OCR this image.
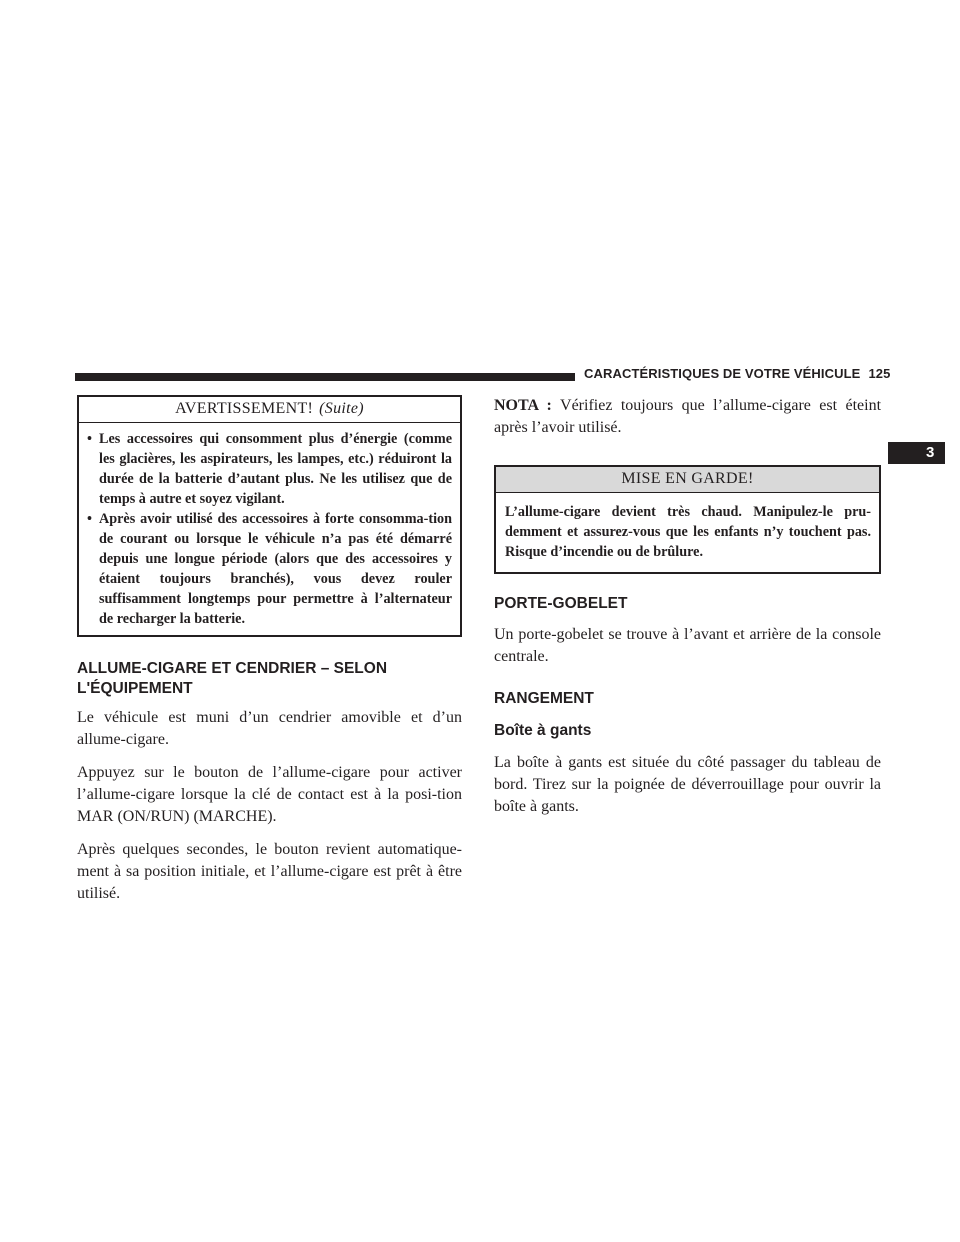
CARACTÉRISTIQUES DE VOTRE VÉHICULE 125
3
AVERTISSEMENT! (Suite)
• Les accessoires qui consomment plus d’énergie (comme les glacières, les aspirateurs, les lampes, etc.) réduiront la durée de la batterie d’autant plus. Ne les utilisez que de temps à autre et soyez vigilant.
• Après avoir utilisé des accessoires à forte consomma-tion de courant ou lorsque le véhicule n’a pas été démarré depuis une longue période (alors que des accessoires y étaient toujours branchés), vous devez rouler suffisamment longtemps pour permettre à l’alternateur de recharger la batterie.
ALLUME-CIGARE ET CENDRIER – SELON
L'ÉQUIPEMENT

Le véhicule est muni d’un cendrier amovible et d’un allume-cigare.

Appuyez sur le bouton de l’allume-cigare pour activer l’allume-cigare lorsque la clé de contact est à la posi-tion MAR (ON/RUN) (MARCHE).

Après quelques secondes, le bouton revient automatique-ment à sa position initiale, et l’allume-cigare est prêt à être utilisé.

NOTA : Vérifiez toujours que l’allume-cigare est éteint après l’avoir utilisé.

MISE EN GARDE!
L’allume-cigare devient très chaud. Manipulez-le pru-demment et assurez-vous que les enfants n’y touchent pas. Risque d’incendie ou de brûlure.
PORTE-GOBELET

Un porte-gobelet se trouve à l’avant et arrière de la console centrale.

RANGEMENT
Boîte à gants

La boîte à gants est située du côté passager du tableau de bord. Tirez sur la poignée de déverrouillage pour ouvrir la boîte à gants.
